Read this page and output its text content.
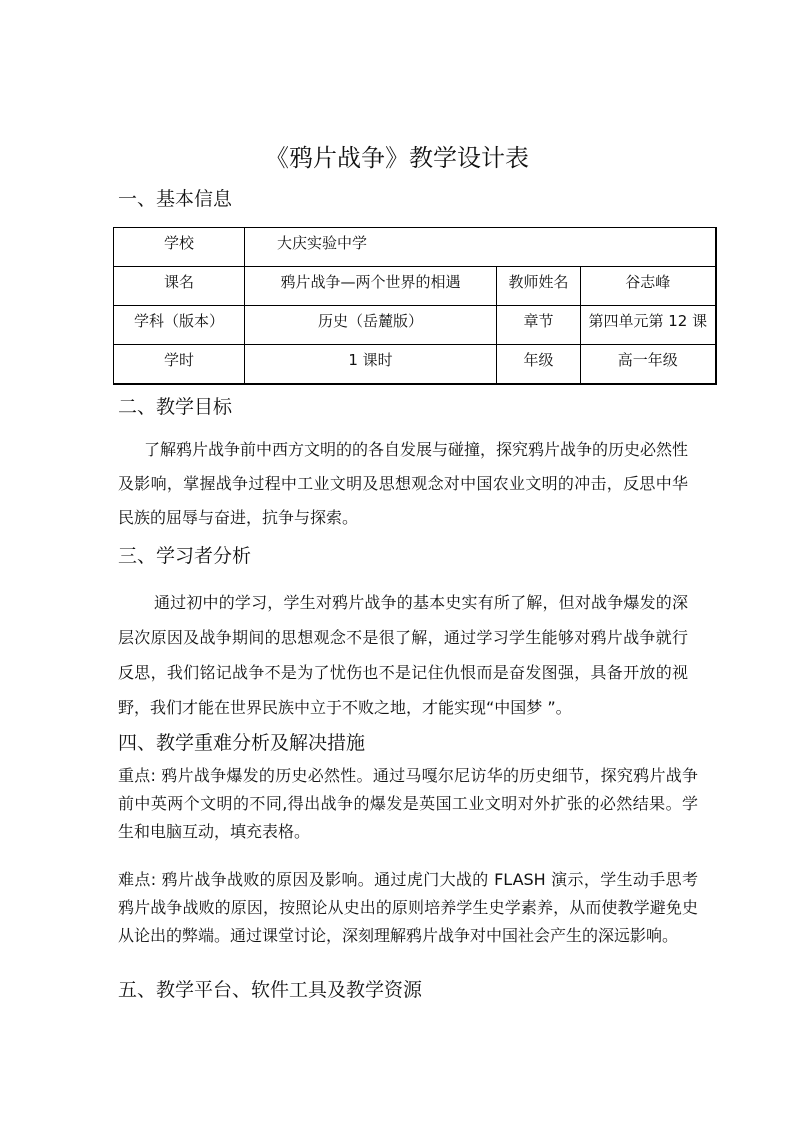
《鸦片战争》教学设计表
一、基本信息
学校	大庆实验中学		
课名	鸦片战争—两个世界的相遇	教师姓名	谷志峰
学科（版本）	历史（岳麓版）	章节	第四单元第 12 课
学时	1 课时	年级	高一年级
二、教学目标

了解鸦片战争前中西方文明的的各自发展与碰撞，探究鸦片战争的历史必然性及影响，掌握战争过程中工业文明及思想观念对中国农业文明的冲击，反思中华民族的屈辱与奋进，抗争与探索。

三、学习者分析

通过初中的学习，学生对鸦片战争的基本史实有所了解，但对战争爆发的深层次原因及战争期间的思想观念不是很了解，通过学习学生能够对鸦片战争就行反思，我们铭记战争不是为了忧伤也不是记住仇恨而是奋发图强，具备开放的视野，我们才能在世界民族中立于不败之地，才能实现“中国梦 ”。

四、教学重难分析及解决措施

重点: 鸦片战争爆发的历史必然性。通过马嘎尔尼访华的历史细节，探究鸦片战争前中英两个文明的不同,得出战争的爆发是英国工业文明对外扩张的必然结果。学生和电脑互动，填充表格。

难点: 鸦片战争战败的原因及影响。通过虎门大战的 FLASH 演示，学生动手思考鸦片战争战败的原因，按照论从史出的原则培养学生史学素养，从而使教学避免史从论出的弊端。通过课堂讨论，深刻理解鸦片战争对中国社会产生的深远影响。

五、教学平台、软件工具及教学资源
